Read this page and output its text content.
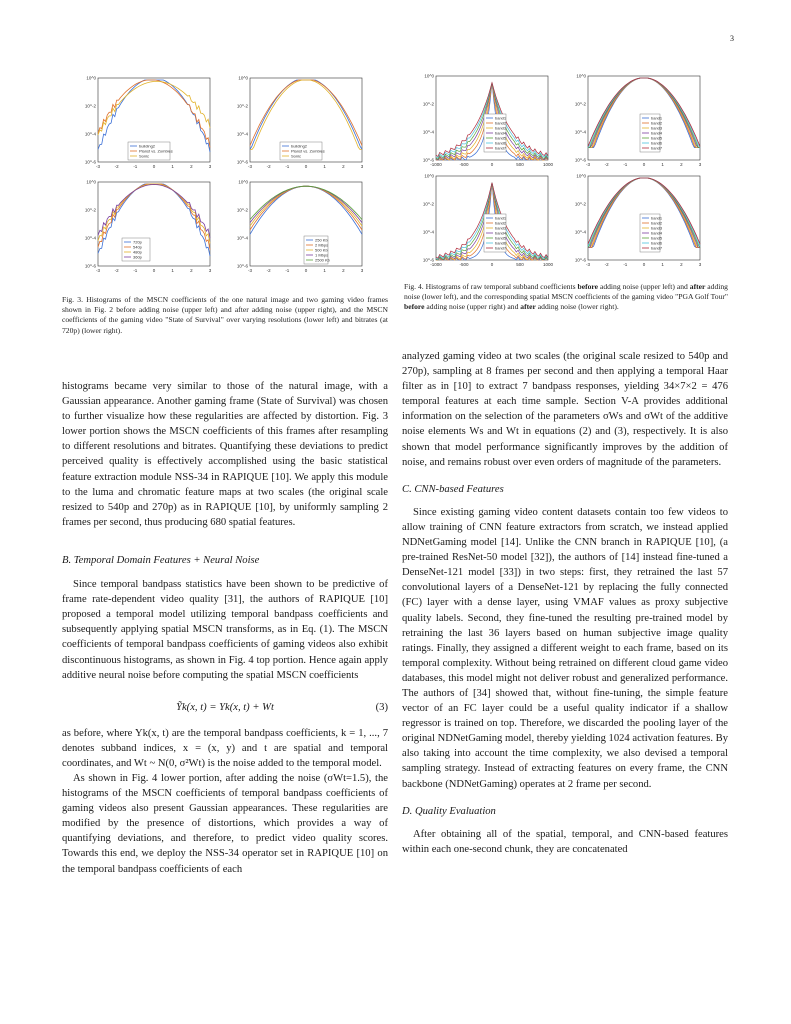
3
-3	-2	-1	0	1	2	3
10^0
10^-2
10^-4
10^-6
building2
Planst vs. Zombies
Sonic
-3	-2	-1	0	1	2	3
10^0
10^-2
10^-4
10^-6
building2
Planst vs. Zombies
Sonic
-3	-2	-1	0	1	2	3
10^0
10^-2
10^-4
10^-6
720p
540p
480p
360p
-3	-2	-1	0	1	2	3
10^0
10^-2
10^-4
10^-6
250 Kb
2 Mbps
500 Kb
1 Mbps
2500 Kb
Fig. 3. Histograms of the MSCN coefficients of the one natural image and two gaming video frames shown in Fig. 2 before adding noise (upper left) and after adding noise (upper right), and the MSCN coefficients of the gaming video "State of Survival" over varying resolutions (lower left) and bitrates (at 720p) (lower right).
-1000	-500	0	500	1000
10^0
10^-2
10^-4
10^-6
band1
band2
band3
band4
band5
band6
band7
-3	-2	-1	0	1	2	3
10^0
10^-2
10^-4
10^-6
band1
band2
band3
band4
band5
band6
band7
-1000	-500	0	500	1000
10^0
10^-2
10^-4
10^-6
band1
band2
band3
band4
band5
band6
band7
-3	-2	-1	0	1	2	3
10^0
10^-2
10^-4
10^-6
band1
band2
band3
band4
band5
band6
band7
Fig. 4. Histograms of raw temporal subband coefficients before adding noise (upper left) and after adding noise (lower left), and the corresponding spatial MSCN coefficients of the gaming video "PGA Golf Tour" before adding noise (upper right) and after adding noise (lower right).

histograms became very similar to those of the natural image, with a Gaussian appearance. Another gaming frame (State of Survival) was chosen to further visualize how these regularities are affected by distortion. Fig. 3 lower portion shows the MSCN coefficients of this frames after resampling to different resolutions and bitrates. Quantifying these deviations to predict perceived quality is effectively accomplished using the basic statistical feature extraction module NSS-34 in RAPIQUE [10]. We apply this module to the luma and chromatic feature maps at two scales (the original scale resized to 540p and 270p) as in RAPIQUE [10], by uniformly sampling 2 frames per second, thus producing 680 spatial features.

B. Temporal Domain Features + Neural Noise

Since temporal bandpass statistics have been shown to be predictive of frame rate-dependent video quality [31], the authors of RAPIQUE [10] proposed a temporal model utilizing temporal bandpass coefficients and subsequently applying spatial MSCN transforms, as in Eq. (1). The MSCN coefficients of temporal bandpass coefficients of gaming videos also exhibit discontinuous histograms, as shown in Fig. 4 top portion. Hence again apply additive neural noise before computing the spatial MSCN coefficients

Ỹk(x, t) = Yk(x, t) + Wt	(3)

as before, where Yk(x, t) are the temporal bandpass coefficients, k = 1, ..., 7 denotes subband indices, x = (x, y) and t are spatial and temporal coordinates, and Wt ~ N(0, σ²Wt) is the noise added to the temporal model.

As shown in Fig. 4 lower portion, after adding the noise (σWt=1.5), the histograms of the MSCN coefficients of temporal bandpass coefficients of gaming videos also present Gaussian appearances. These regularities are modified by the presence of distortions, which provides a way of quantifying deviations, and therefore, to predict video quality scores. Towards this end, we deploy the NSS-34 operator set in RAPIQUE [10] on the temporal bandpass coefficients of each

analyzed gaming video at two scales (the original scale resized to 540p and 270p), sampling at 8 frames per second and then applying a temporal Haar filter as in [10] to extract 7 bandpass responses, yielding 34×7×2 = 476 temporal features at each time sample. Section V-A provides additional information on the selection of the parameters σWs and σWt of the additive noise elements Ws and Wt in equations (2) and (3), respectively. It is also shown that model performance significantly improves by the addition of noise, and remains robust over even orders of magnitude of the parameters.

C. CNN-based Features

Since existing gaming video content datasets contain too few videos to allow training of CNN feature extractors from scratch, we instead applied NDNetGaming model [14]. Unlike the CNN branch in RAPIQUE [10], (a pre-trained ResNet-50 model [32]), the authors of [14] instead fine-tuned a DenseNet-121 model [33]) in two steps: first, they retrained the last 57 convolutional layers of a DenseNet-121 by replacing the fully connected (FC) layer with a dense layer, using VMAF values as proxy subjective quality labels. Second, they fine-tuned the resulting pre-trained model by retraining the last 36 layers based on human subjective image quality ratings. Finally, they assigned a different weight to each frame, based on its temporal complexity. Without being retrained on different cloud game video databases, this model might not deliver robust and generalized performance. The authors of [34] showed that, without fine-tuning, the simple feature vector of an FC layer could be a useful quality indicator if a shallow regressor is trained on top. Therefore, we discarded the pooling layer of the original NDNetGaming model, thereby yielding 1024 activation features. By also taking into account the time complexity, we also devised a temporal sampling strategy. Instead of extracting features on every frame, the CNN backbone (NDNetGaming) operates at 2 frame per second.

D. Quality Evaluation

After obtaining all of the spatial, temporal, and CNN-based features within each one-second chunk, they are concatenated
